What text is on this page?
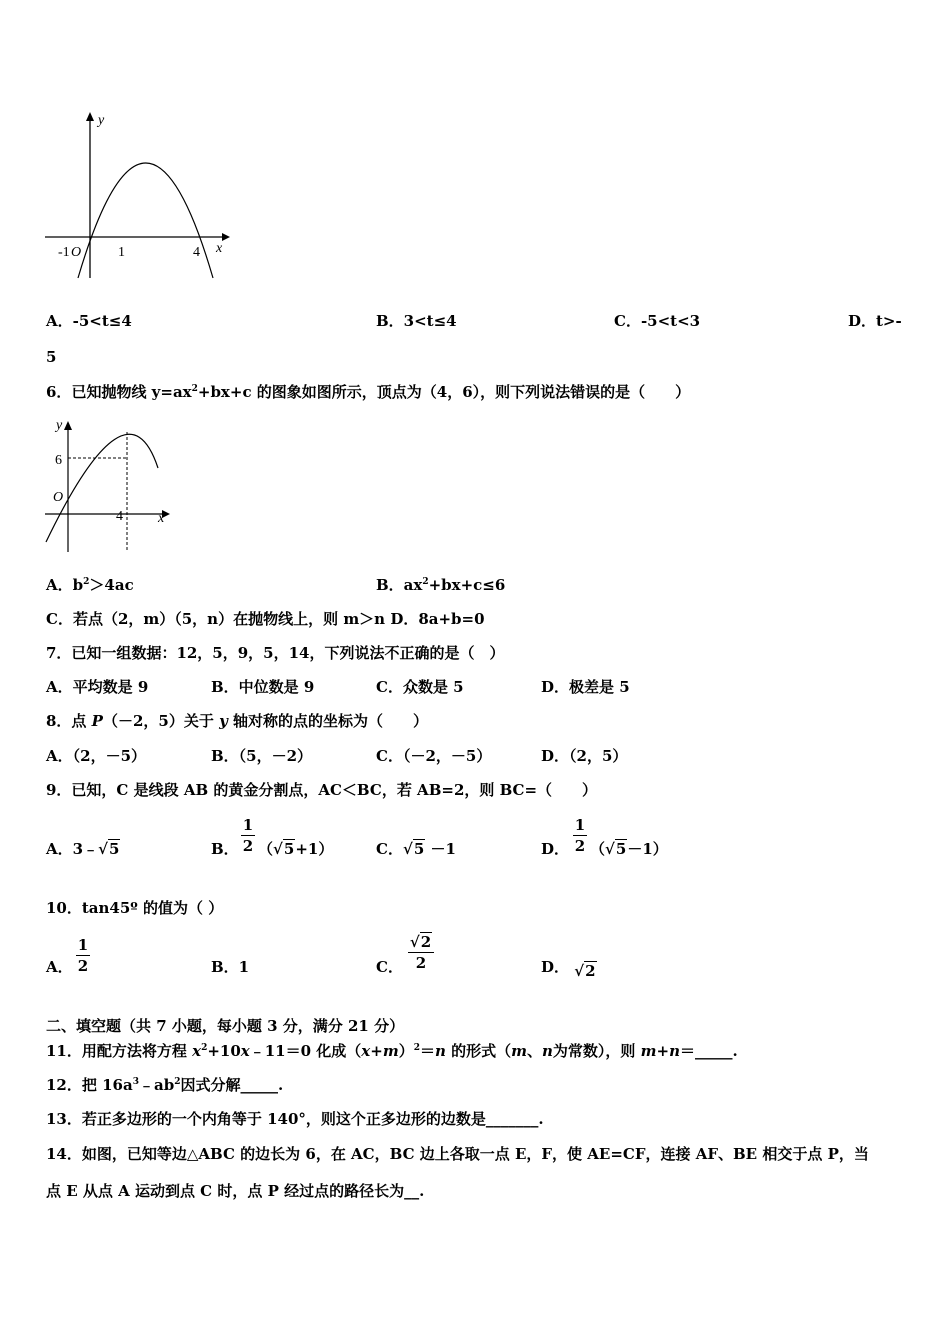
y
x
-1 O	1	4
A．-5<t≤4	B．3<t≤4	C．-5<t<3	D．t>-
5
6．已知抛物线 $y=ax^2+bx+c$ 的图象如图所示，顶点为（4，6），则下列说法错误的是（　　）
y
x
6
O
4
A．$b^2>4ac$	B．$ax^2+bx+c\le 6$
C．若点（2，m）（5，n）在抛物线上，则 m＞n D．8a+b=0
7．已知一组数据：12，5，9，5，14，下列说法不正确的是（　）
A．平均数是 9	B．中位数是 9	C．众数是 5	D．极差是 5
8．点 P（－2，5）关于 y 轴对称的点的坐标为（　　）
A．（2，－5）	B．（5，－2）	C．（－2，－5）	D．（2，5）
9．已知，C 是线段 AB 的黄金分割点，AC＜BC，若 AB=2，则 BC=（　　）
A．3﹣√5	B． $\frac{1}{2} (√5+1)$	C．√5 －1	D． $\frac{1}{2} (√5-1)$
10．tan45º 的值为（ ）
A． $\frac{1}{2}$	B．1	C． $\frac{√2}{2}$	D． √2
二、填空题（共 7 小题，每小题 3 分，满分 21 分）
11．用配方法将方程 $x^2+10x﹣11=0$ 化成$(x+m)^2=n$ 的形式（m、n为常数），则 m+n＝_____.
12．把 $16a^3﹣ab^2$因式分解_____.
13．若正多边形的一个内角等于 140°，则这个正多边形的边数是_______.
14．如图，已知等边△ABC 的边长为 6，在 AC，BC 边上各取一点 E，F，使 AE=CF，连接 AF、BE 相交于点 P，当
点 E 从点 A 运动到点 C 时，点 P 经过点的路径长为__.
